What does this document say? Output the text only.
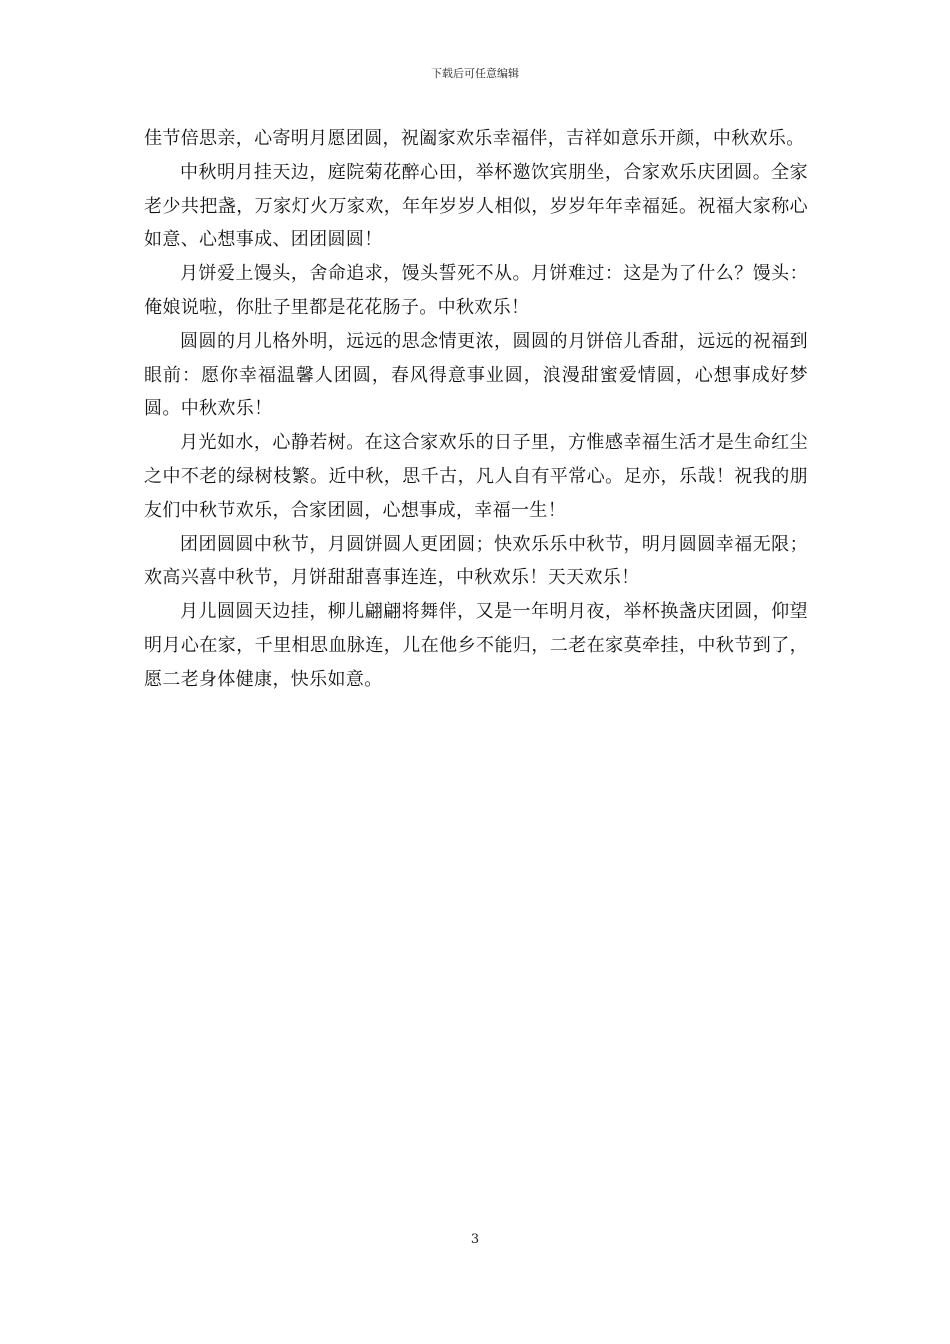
下载后可任意编辑

佳节倍思亲，心寄明月愿团圆，祝阖家欢乐幸福伴，吉祥如意乐开颜，中秋欢乐。

中秋明月挂天边，庭院菊花醉心田，举杯邀饮宾朋坐，合家欢乐庆团圆。全家老少共把盏，万家灯火万家欢，年年岁岁人相似，岁岁年年幸福延。祝福大家称心如意、心想事成、团团圆圆！

月饼爱上馒头，舍命追求，馒头誓死不从。月饼难过：这是为了什么？馒头：俺娘说啦，你肚子里都是花花肠子。中秋欢乐！

圆圆的月儿格外明，远远的思念情更浓，圆圆的月饼倍儿香甜，远远的祝福到眼前：愿你幸福温馨人团圆，春风得意事业圆，浪漫甜蜜爱情圆，心想事成好梦圆。中秋欢乐！

月光如水，心静若树。在这合家欢乐的日子里，方惟感幸福生活才是生命红尘之中不老的绿树枝繁。近中秋，思千古，凡人自有平常心。足亦，乐哉！祝我的朋友们中秋节欢乐，合家团圆，心想事成，幸福一生！

团团圆圆中秋节，月圆饼圆人更团圆；快欢乐乐中秋节，明月圆圆幸福无限；欢高兴喜中秋节，月饼甜甜喜事连连，中秋欢乐！天天欢乐！

月儿圆圆天边挂，柳儿翩翩将舞伴，又是一年明月夜，举杯换盏庆团圆，仰望明月心在家，千里相思血脉连，儿在他乡不能归，二老在家莫牵挂，中秋节到了，愿二老身体健康，快乐如意。

3
